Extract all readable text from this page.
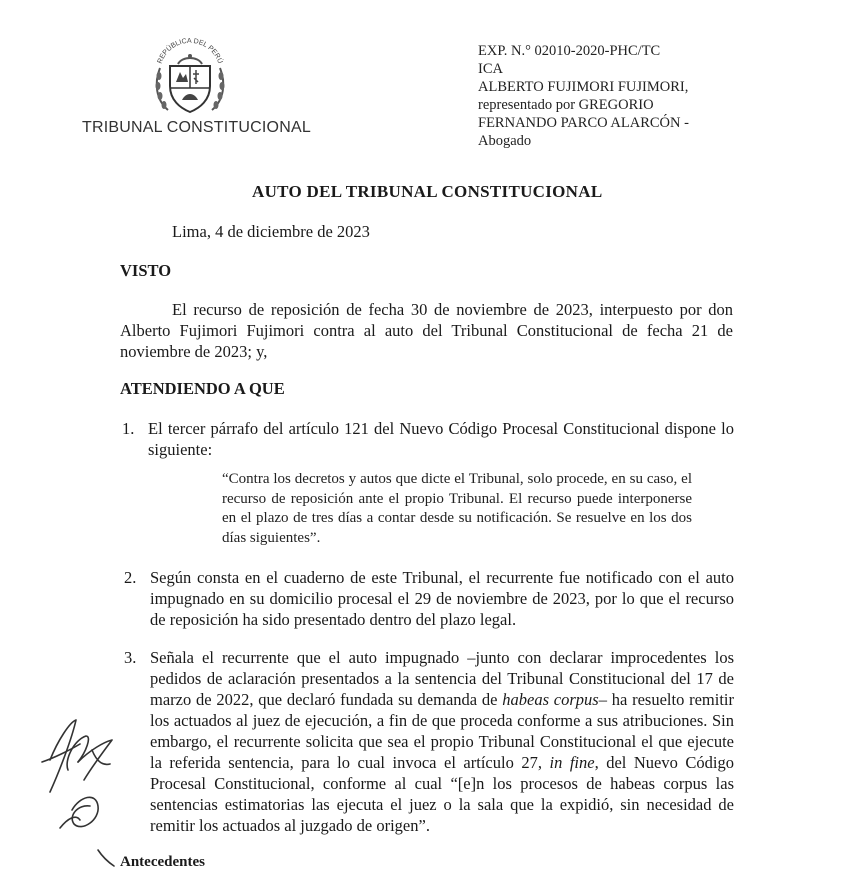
REPÚBLICA DEL PERÚ
TRIBUNAL CONSTITUCIONAL
EXP. N.° 02010-2020-PHC/TC
ICA
ALBERTO FUJIMORI FUJIMORI,
representado por GREGORIO
FERNANDO PARCO ALARCÓN -
Abogado
AUTO DEL TRIBUNAL CONSTITUCIONAL
Lima, 4 de diciembre de 2023
VISTO
El recurso de reposición de fecha 30 de noviembre de 2023, interpuesto por don Alberto Fujimori Fujimori contra al auto del Tribunal Constitucional de fecha 21 de noviembre de 2023; y,
ATENDIENDO A QUE
1. El tercer párrafo del artículo 121 del Nuevo Código Procesal Constitucional dispone lo siguiente:
“Contra los decretos y autos que dicte el Tribunal, solo procede, en su caso, el recurso de reposición ante el propio Tribunal. El recurso puede interponerse en el plazo de tres días a contar desde su notificación. Se resuelve en los dos días siguientes”.
2. Según consta en el cuaderno de este Tribunal, el recurrente fue notificado con el auto impugnado en su domicilio procesal el 29 de noviembre de 2023, por lo que el recurso de reposición ha sido presentado dentro del plazo legal.
3. Señala el recurrente que el auto impugnado –junto con declarar improcedentes los pedidos de aclaración presentados a la sentencia del Tribunal Constitucional del 17 de marzo de 2022, que declaró fundada su demanda de habeas corpus– ha resuelto remitir los actuados al juez de ejecución, a fin de que proceda conforme a sus atribuciones. Sin embargo, el recurrente solicita que sea el propio Tribunal Constitucional el que ejecute la referida sentencia, para lo cual invoca el artículo 27, in fine, del Nuevo Código Procesal Constitucional, conforme al cual “[e]n los procesos de habeas corpus las sentencias estimatorias las ejecuta el juez o la sala que la expidió, sin necesidad de remitir los actuados al juzgado de origen”.
Antecedentes
